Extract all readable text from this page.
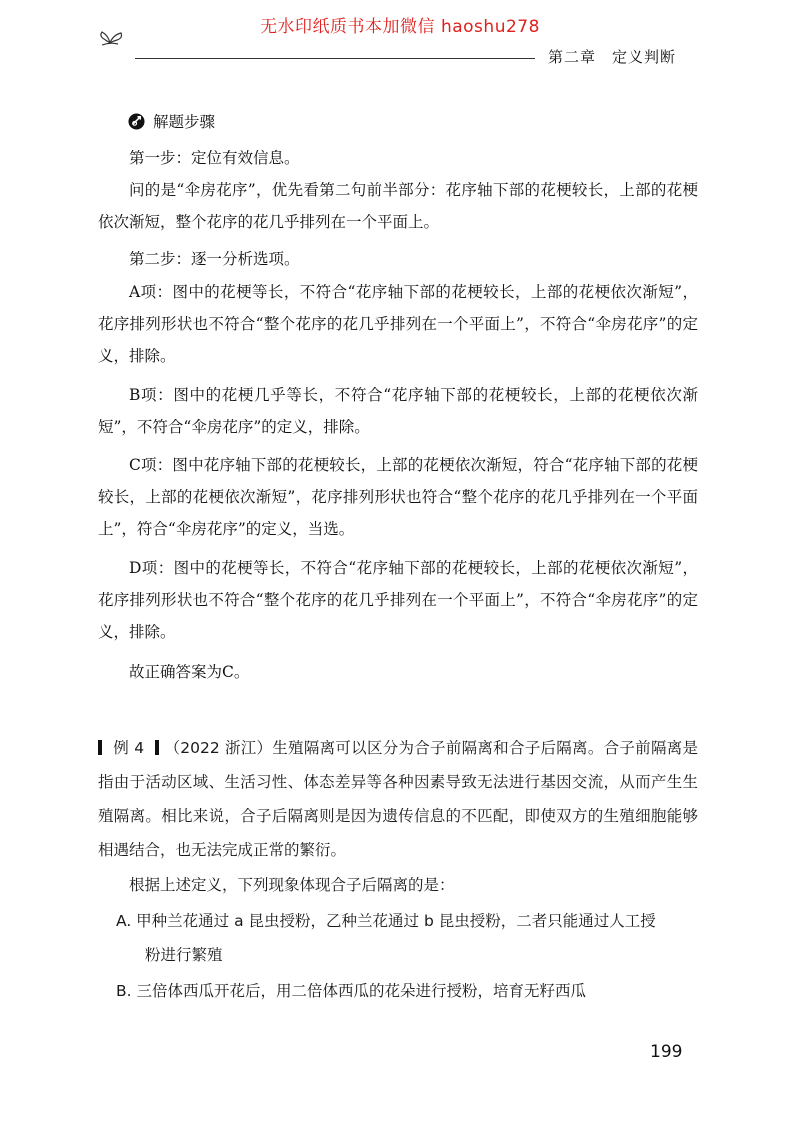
无水印纸质书本加微信 haoshu278
第二章 定义判断
解题步骤
第一步：定位有效信息。
问的是“伞房花序”，优先看第二句前半部分：花序轴下部的花梗较长，上部的花梗依次渐短，整个花序的花几乎排列在一个平面上。
第二步：逐一分析选项。
A项：图中的花梗等长，不符合“花序轴下部的花梗较长，上部的花梗依次渐短”，花序排列形状也不符合“整个花序的花几乎排列在一个平面上”，不符合“伞房花序”的定义，排除。
B项：图中的花梗几乎等长，不符合“花序轴下部的花梗较长，上部的花梗依次渐短”，不符合“伞房花序”的定义，排除。
C项：图中花序轴下部的花梗较长，上部的花梗依次渐短，符合“花序轴下部的花梗较长，上部的花梗依次渐短”，花序排列形状也符合“整个花序的花几乎排列在一个平面上”，符合“伞房花序”的定义，当选。
D项：图中的花梗等长，不符合“花序轴下部的花梗较长，上部的花梗依次渐短”，花序排列形状也不符合“整个花序的花几乎排列在一个平面上”，不符合“伞房花序”的定义，排除。
故正确答案为C。
例 4 （2022 浙江）生殖隔离可以区分为合子前隔离和合子后隔离。合子前隔离是指由于活动区域、生活习性、体态差异等各种因素导致无法进行基因交流，从而产生生殖隔离。相比来说，合子后隔离则是因为遗传信息的不匹配，即使双方的生殖细胞能够相遇结合，也无法完成正常的繁衍。
根据上述定义，下列现象体现合子后隔离的是：
A. 甲种兰花通过 a 昆虫授粉，乙种兰花通过 b 昆虫授粉，二者只能通过人工授
粉进行繁殖
B. 三倍体西瓜开花后，用二倍体西瓜的花朵进行授粉，培育无籽西瓜
199
